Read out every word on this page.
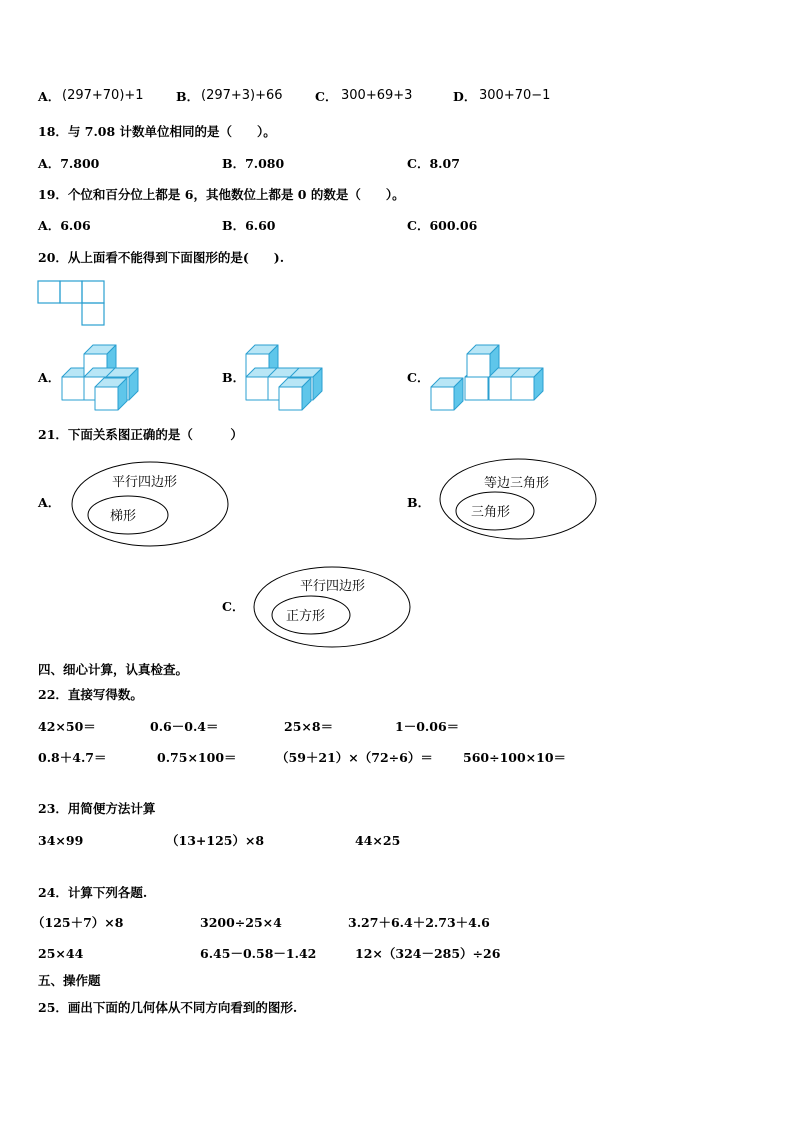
A． (297+70)+1	B． (297+3)+66	C． 300+69+3	D． 300+70−1
18．与 7.08 计数单位相同的是（　　）。
A．7.800	B．7.080	C．8.07
19．个位和百分位上都是 6，其他数位上都是 0 的数是（　　）。
A．6.06	B．6.60	C．600.06
20．从上面看不能得到下面图形的是(　　).
A．	B．	C．
21．下面关系图正确的是（　　　）
A．
平行四边形
梯形
B．
等边三角形
三角形
C．
平行四边形
正方形
四、细心计算，认真检查。
22．直接写得数。
42×50＝	0.6－0.4＝	25×8＝	1－0.06＝
0.8＋4.7＝	0.75×100＝	（59＋21）×（72÷6）＝ 560÷100×10＝
23．用简便方法计算
34×99	（13+125）×8	44×25
24．计算下列各题.
（125＋7）×8	3200÷25×4	3.27＋6.4＋2.73＋4.6
25×44	6.45－0.58－1.42	12×（324－285）÷26
五、操作题
25．画出下面的几何体从不同方向看到的图形.
